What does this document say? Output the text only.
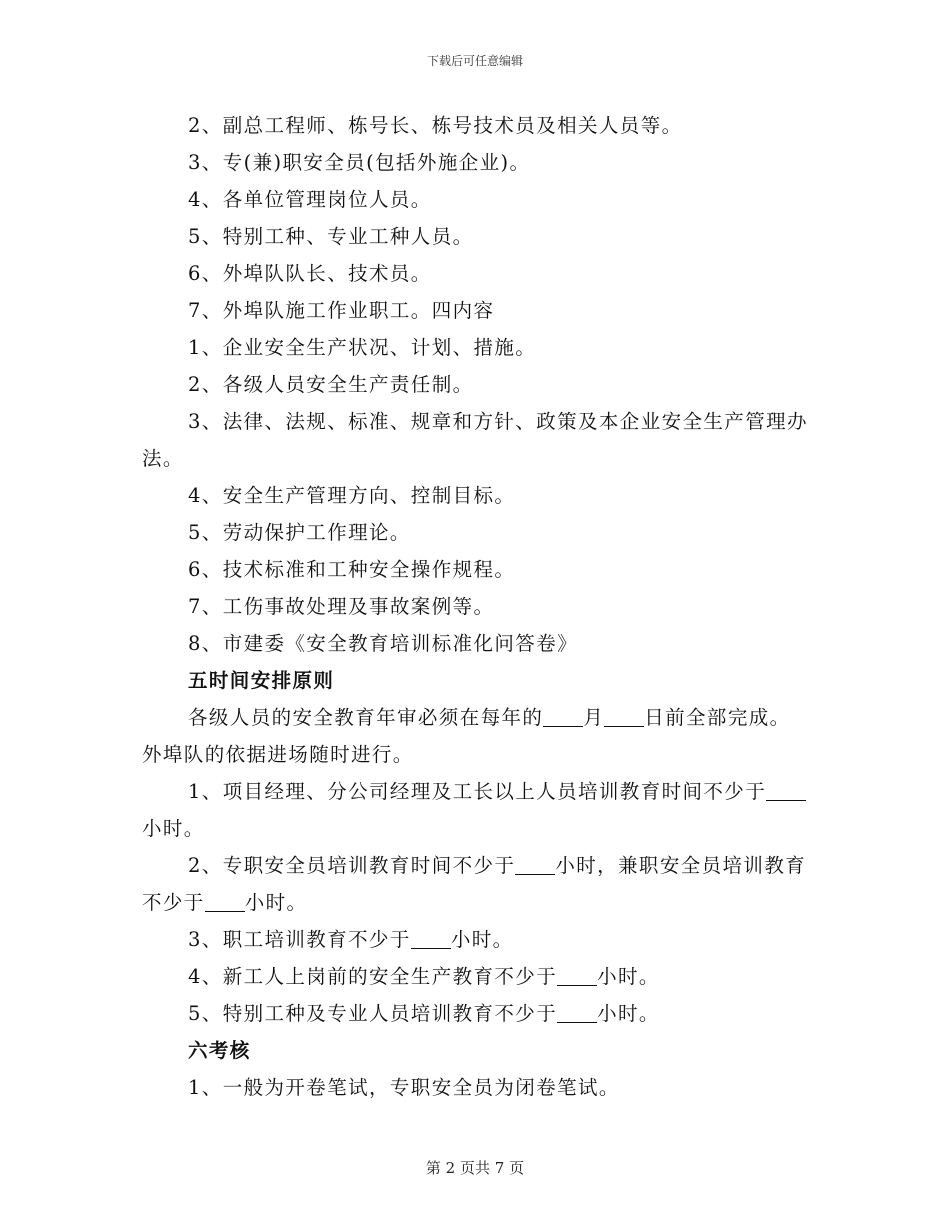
下载后可任意编辑

2、副总工程师、栋号长、栋号技术员及相关人员等。

3、专(兼)职安全员(包括外施企业)。

4、各单位管理岗位人员。

5、特别工种、专业工种人员。

6、外埠队队长、技术员。

7、外埠队施工作业职工。四内容

1、企业安全生产状况、计划、措施。

2、各级人员安全生产责任制。

3、法律、法规、标准、规章和方针、政策及本企业安全生产管理办法。

4、安全生产管理方向、控制目标。

5、劳动保护工作理论。

6、技术标准和工种安全操作规程。

7、工伤事故处理及事故案例等。

8、市建委《安全教育培训标准化问答卷》

五时间安排原则

各级人员的安全教育年审必须在每年的 月 日前全部完成。外埠队的依据进场随时进行。

1、项目经理、分公司经理及工长以上人员培训教育时间不少于小时。

2、专职安全员培训教育时间不少于 小时，兼职安全员培训教育不少于 小时。

3、职工培训教育不少于 小时。

4、新工人上岗前的安全生产教育不少于 小时。

5、特别工种及专业人员培训教育不少于 小时。

六考核

1、一般为开卷笔试，专职安全员为闭卷笔试。

第 2 页共 7 页
